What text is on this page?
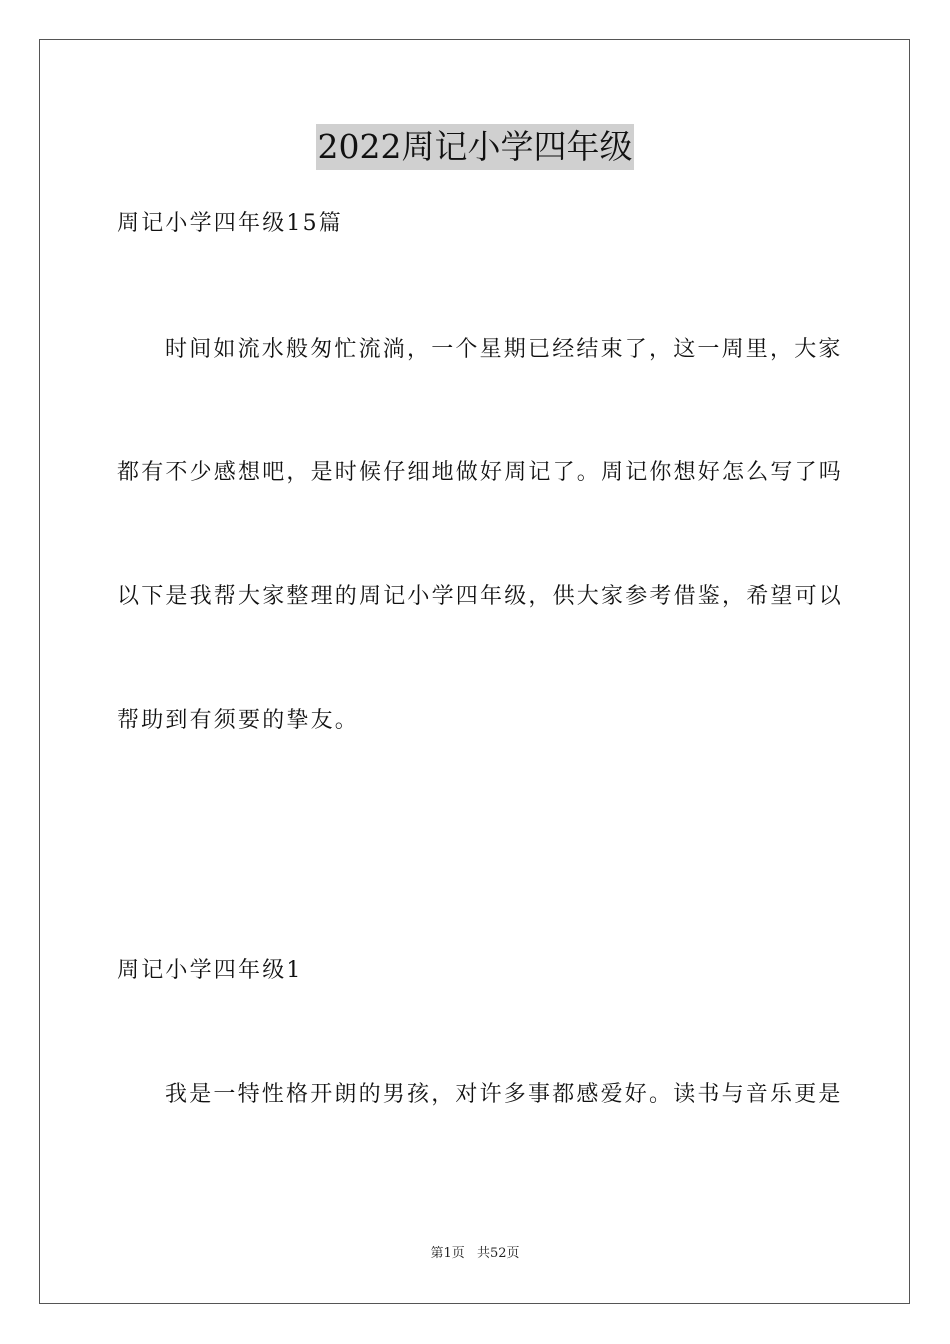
2022周记小学四年级
周记小学四年级15篇
时间如流水般匆忙流淌，一个星期已经结束了，这一周里，大家
都有不少感想吧，是时候仔细地做好周记了。周记你想好怎么写了吗
以下是我帮大家整理的周记小学四年级，供大家参考借鉴，希望可以
帮助到有须要的挚友。
周记小学四年级1
我是一特性格开朗的男孩，对许多事都感爱好。读书与音乐更是
第1页 共52页
